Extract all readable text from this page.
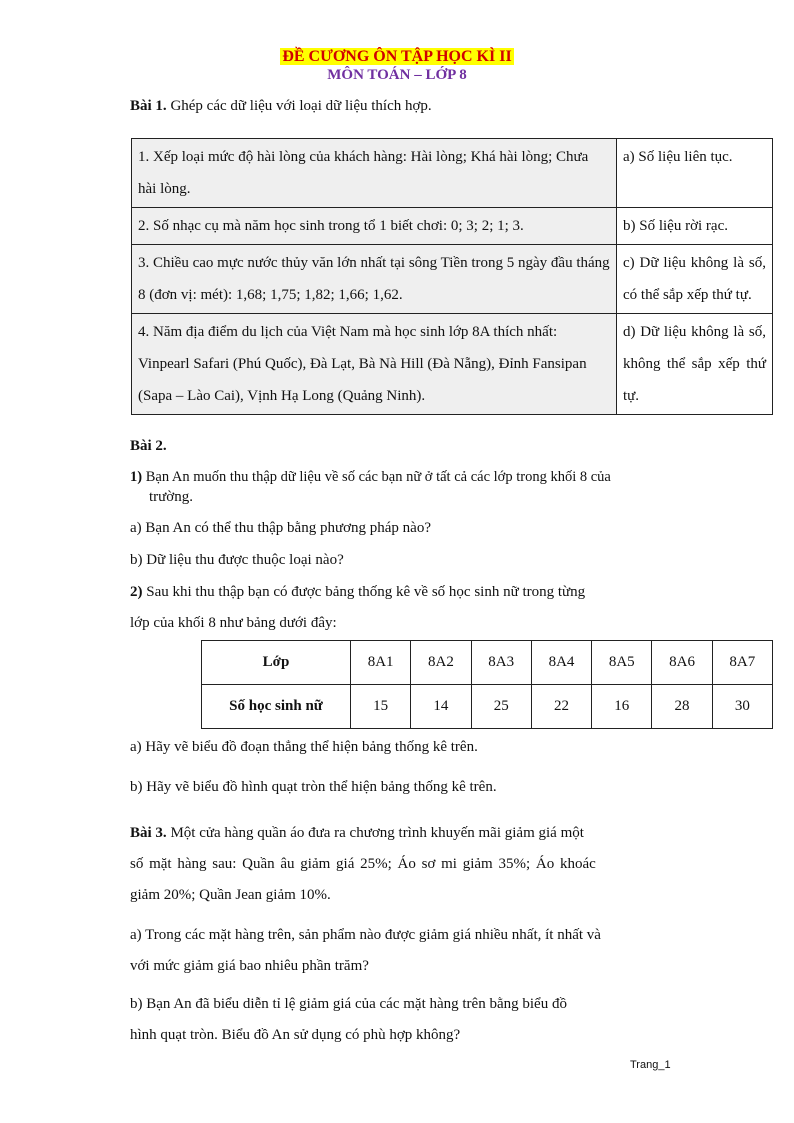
ĐỀ CƯƠNG ÔN TẬP HỌC KÌ II
MÔN TOÁN – LỚP 8
Bài 1. Ghép các dữ liệu với loại dữ liệu thích hợp.
1. Xếp loại mức độ hài lòng của khách hàng: Hài lòng; Khá hài lòng; Chưa hài lòng.	a) Số liệu liên tục.
2. Số nhạc cụ mà năm học sinh trong tổ 1 biết chơi: 0; 3; 2; 1; 3.	b) Số liệu rời rạc.
3. Chiều cao mực nước thủy văn lớn nhất tại sông Tiền trong 5 ngày đầu tháng 8 (đơn vị: mét): 1,68; 1,75; 1,82; 1,66; 1,62.	c) Dữ liệu không là số, có thể sắp xếp thứ tự.
4. Năm địa điểm du lịch của Việt Nam mà học sinh lớp 8A thích nhất: Vinpearl Safari (Phú Quốc), Đà Lạt, Bà Nà Hill (Đà Nẵng), Đỉnh Fansipan (Sapa – Lào Cai), Vịnh Hạ Long (Quảng Ninh).	d) Dữ liệu không là số, không thể sắp xếp thứ tự.
Bài 2.
1) Bạn An muốn thu thập dữ liệu về số các bạn nữ ở tất cả các lớp trong khối 8 của
trường.
a) Bạn An có thể thu thập bằng phương pháp nào?
b) Dữ liệu thu được thuộc loại nào?
2) Sau khi thu thập bạn có được bảng thống kê về số học sinh nữ trong từng
lớp của khối 8 như bảng dưới đây:
Lớp	8A1	8A2	8A3	8A4	8A5	8A6	8A7
Số học sinh nữ	15	14	25	22	16	28	30
a) Hãy vẽ biểu đồ đoạn thẳng thể hiện bảng thống kê trên.
b) Hãy vẽ biểu đồ hình quạt tròn thể hiện bảng thống kê trên.
Bài 3. Một cửa hàng quần áo đưa ra chương trình khuyến mãi giảm giá một
số mặt hàng sau: Quần âu giảm giá 25%; Áo sơ mi giảm 35%; Áo khoác
giảm 20%; Quần Jean giảm 10%.
a) Trong các mặt hàng trên, sản phẩm nào được giảm giá nhiều nhất, ít nhất và
với mức giảm giá bao nhiêu phần trăm?
b) Bạn An đã biểu diễn tỉ lệ giảm giá của các mặt hàng trên bằng biểu đồ
hình quạt tròn. Biểu đồ An sử dụng có phù hợp không?
Trang_1
